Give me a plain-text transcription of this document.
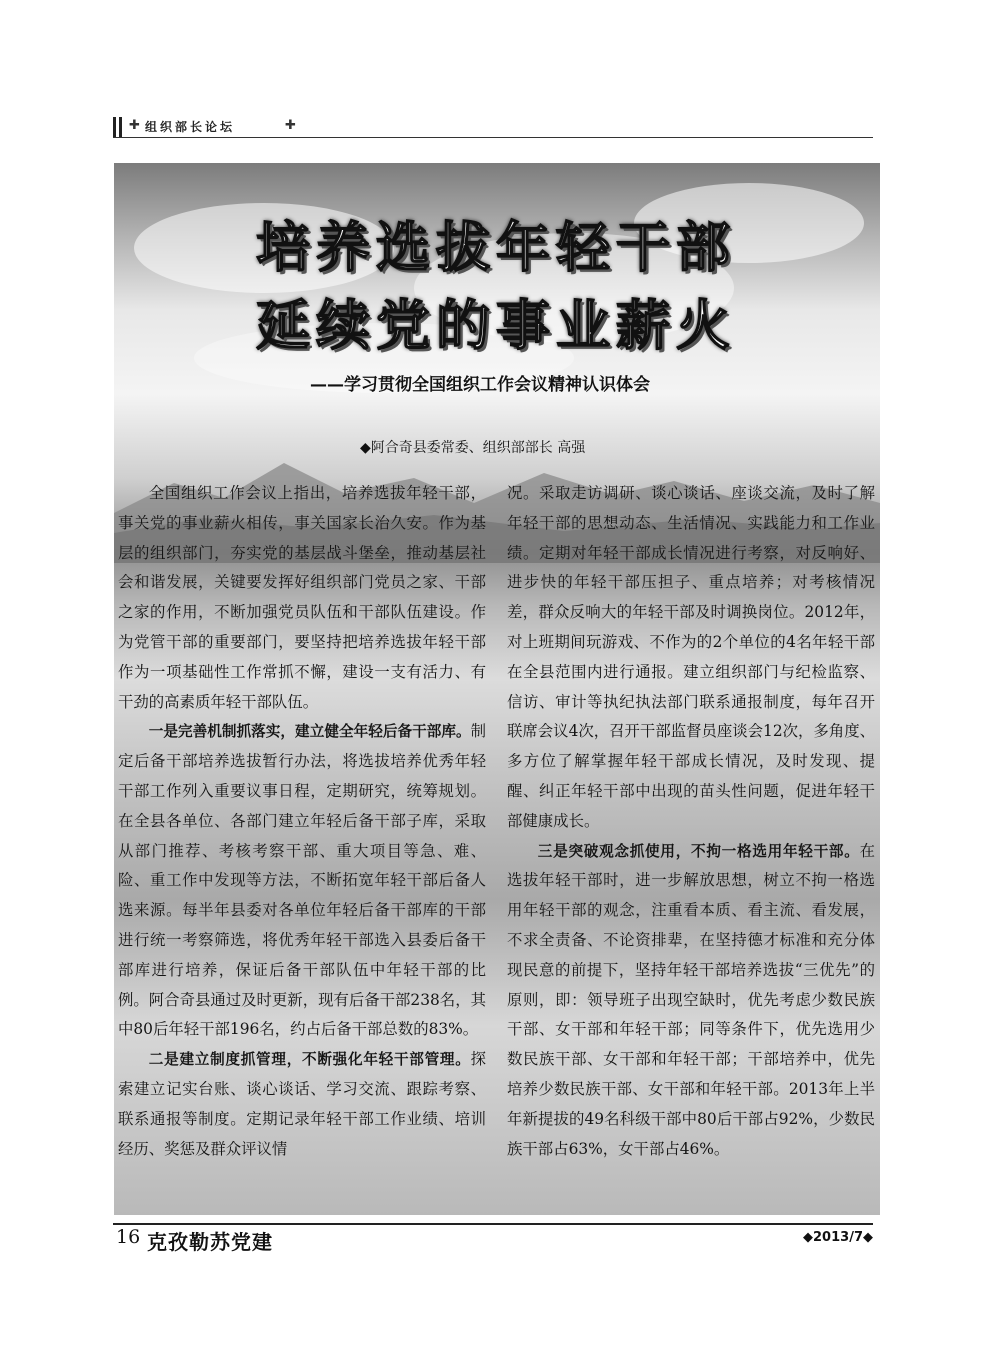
✚ 组织部长论坛	✚
培养选拔年轻干部
延续党的事业薪火
——学习贯彻全国组织工作会议精神认识体会
◆阿合奇县委常委、组织部部长 高强

全国组织工作会议上指出，培养选拔年轻干部，事关党的事业薪火相传，事关国家长治久安。作为基层的组织部门，夯实党的基层战斗堡垒，推动基层社会和谐发展，关键要发挥好组织部门党员之家、干部之家的作用，不断加强党员队伍和干部队伍建设。作为党管干部的重要部门，要坚持把培养选拔年轻干部作为一项基础性工作常抓不懈，建设一支有活力、有干劲的高素质年轻干部队伍。

一是完善机制抓落实，建立健全年轻后备干部库。制定后备干部培养选拔暂行办法，将选拔培养优秀年轻干部工作列入重要议事日程，定期研究，统筹规划。在全县各单位、各部门建立年轻后备干部子库，采取从部门推荐、考核考察干部、重大项目等急、难、险、重工作中发现等方法，不断拓宽年轻干部后备人选来源。每半年县委对各单位年轻后备干部库的干部进行统一考察筛选，将优秀年轻干部选入县委后备干部库进行培养，保证后备干部队伍中年轻干部的比例。阿合奇县通过及时更新，现有后备干部238名，其中80后年轻干部196名，约占后备干部总数的83%。

二是建立制度抓管理，不断强化年轻干部管理。探索建立记实台账、谈心谈话、学习交流、跟踪考察、联系通报等制度。定期记录年轻干部工作业绩、培训经历、奖惩及群众评议情

况。采取走访调研、谈心谈话、座谈交流，及时了解年轻干部的思想动态、生活情况、实践能力和工作业绩。定期对年轻干部成长情况进行考察，对反响好、进步快的年轻干部压担子、重点培养；对考核情况差，群众反响大的年轻干部及时调换岗位。2012年，对上班期间玩游戏、不作为的2个单位的4名年轻干部在全县范围内进行通报。建立组织部门与纪检监察、信访、审计等执纪执法部门联系通报制度，每年召开联席会议4次，召开干部监督员座谈会12次，多角度、多方位了解掌握年轻干部成长情况，及时发现、提醒、纠正年轻干部中出现的苗头性问题，促进年轻干部健康成长。

三是突破观念抓使用，不拘一格选用年轻干部。在选拔年轻干部时，进一步解放思想，树立不拘一格选用年轻干部的观念，注重看本质、看主流、看发展，不求全责备、不论资排辈，在坚持德才标准和充分体现民意的前提下，坚持年轻干部培养选拔“三优先”的原则，即：领导班子出现空缺时，优先考虑少数民族干部、女干部和年轻干部；同等条件下，优先选用少数民族干部、女干部和年轻干部；干部培养中，优先培养少数民族干部、女干部和年轻干部。2013年上半年新提拔的49名科级干部中80后干部占92%，少数民族干部占63%，女干部占46%。

16 克孜勒苏党建	◆2013/7◆
